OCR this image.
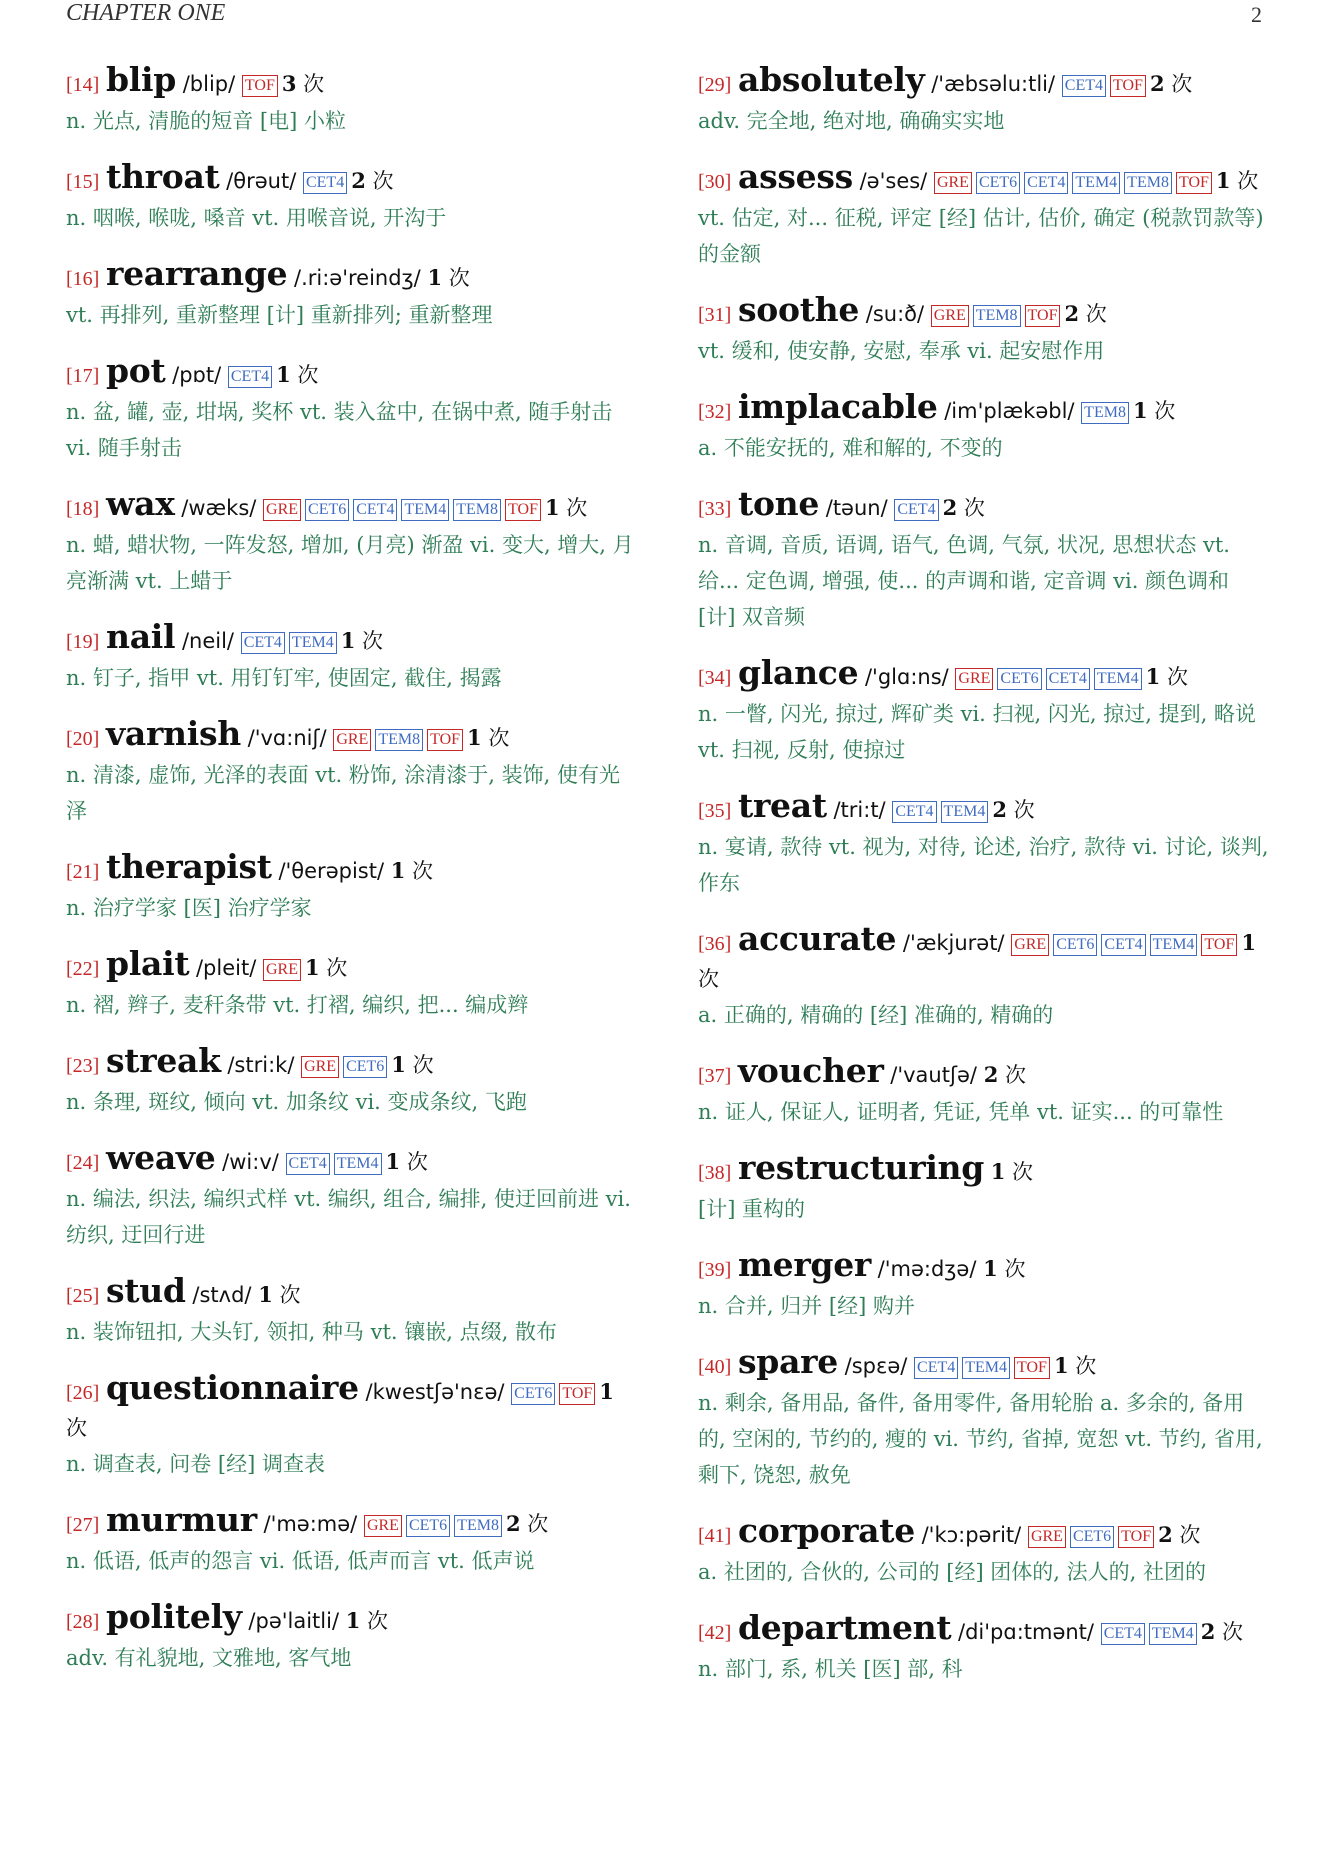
CHAPTER ONE	2
[14] blip /blip/ TOF 3 次
n. 光点, 清脆的短音 [电] 小粒
[15] throat /θrəut/ CET4 2 次
n. 咽喉, 喉咙, 嗓音 vt. 用喉音说, 开沟于
[16] rearrange /.ri:ə'reindʒ/ 1 次
vt. 再排列, 重新整理 [计] 重新排列; 重新整理
[17] pot /pɒt/ CET4 1 次
n. 盆, 罐, 壶, 坩埚, 奖杯 vt. 装入盆中, 在锅中煮, 随手射击 vi. 随手射击
[18] wax /wæks/ GRE CET6 CET4 TEM4 TEM8 TOF 1 次
n. 蜡, 蜡状物, 一阵发怒, 增加, (月亮) 渐盈 vi. 变大, 增大, 月亮渐满 vt. 上蜡于
[19] nail /neil/ CET4 TEM4 1 次
n. 钉子, 指甲 vt. 用钉钉牢, 使固定, 截住, 揭露
[20] varnish /'vɑ:niʃ/ GRE TEM8 TOF 1 次
n. 清漆, 虚饰, 光泽的表面 vt. 粉饰, 涂清漆于, 装饰, 使有光泽
[21] therapist /'θerəpist/ 1 次
n. 治疗学家 [医] 治疗学家
[22] plait /pleit/ GRE 1 次
n. 褶, 辫子, 麦秆条带 vt. 打褶, 编织, 把... 编成辫
[23] streak /stri:k/ GRE CET6 1 次
n. 条理, 斑纹, 倾向 vt. 加条纹 vi. 变成条纹, 飞跑
[24] weave /wi:v/ CET4 TEM4 1 次
n. 编法, 织法, 编织式样 vt. 编织, 组合, 编排, 使迂回前进 vi. 纺织, 迂回行进
[25] stud /stʌd/ 1 次
n. 装饰钮扣, 大头钉, 领扣, 种马 vt. 镶嵌, 点缀, 散布
[26] questionnaire /kwestʃə'nɛə/ CET6 TOF 1 次
n. 调查表, 问卷 [经] 调查表
[27] murmur /'mə:mə/ GRE CET6 TEM8 2 次
n. 低语, 低声的怨言 vi. 低语, 低声而言 vt. 低声说
[28] politely /pə'laitli/ 1 次
adv. 有礼貌地, 文雅地, 客气地
[29] absolutely /'æbsəlu:tli/ CET4 TOF 2 次
adv. 完全地, 绝对地, 确确实实地
[30] assess /ə'ses/ GRE CET6 CET4 TEM4 TEM8 TOF 1 次
vt. 估定, 对... 征税, 评定 [经] 估计, 估价, 确定 (税款罚款等) 的金额
[31] soothe /su:ð/ GRE TEM8 TOF 2 次
vt. 缓和, 使安静, 安慰, 奉承 vi. 起安慰作用
[32] implacable /im'plækəbl/ TEM8 1 次
a. 不能安抚的, 难和解的, 不变的
[33] tone /təun/ CET4 2 次
n. 音调, 音质, 语调, 语气, 色调, 气氛, 状况, 思想状态 vt. 给... 定色调, 增强, 使... 的声调和谐, 定音调 vi. 颜色调和 [计] 双音频
[34] glance /'glɑ:ns/ GRE CET6 CET4 TEM4 1 次
n. 一瞥, 闪光, 掠过, 辉矿类 vi. 扫视, 闪光, 掠过, 提到, 略说 vt. 扫视, 反射, 使掠过
[35] treat /tri:t/ CET4 TEM4 2 次
n. 宴请, 款待 vt. 视为, 对待, 论述, 治疗, 款待 vi. 讨论, 谈判, 作东
[36] accurate /'ækjurət/ GRE CET6 CET4 TEM4 TOF 1 次
a. 正确的, 精确的 [经] 准确的, 精确的
[37] voucher /'vautʃə/ 2 次
n. 证人, 保证人, 证明者, 凭证, 凭单 vt. 证实... 的可靠性
[38] restructuring 1 次
[计] 重构的
[39] merger /'mə:dʒə/ 1 次
n. 合并, 归并 [经] 购并
[40] spare /spεə/ CET4 TEM4 TOF 1 次
n. 剩余, 备用品, 备件, 备用零件, 备用轮胎 a. 多余的, 备用的, 空闲的, 节约的, 瘦的 vi. 节约, 省掉, 宽恕 vt. 节约, 省用, 剩下, 饶恕, 赦免
[41] corporate /'kɔ:pərit/ GRE CET6 TOF 2 次
a. 社团的, 合伙的, 公司的 [经] 团体的, 法人的, 社团的
[42] department /di'pɑ:tmənt/ CET4 TEM4 2 次
n. 部门, 系, 机关 [医] 部, 科
